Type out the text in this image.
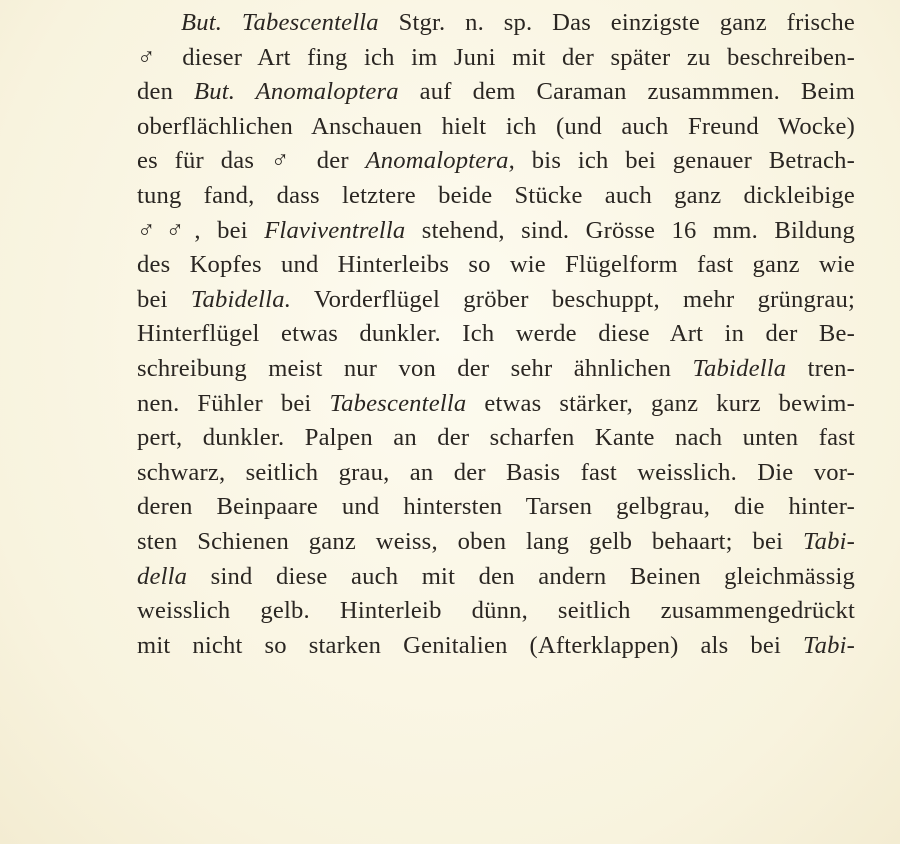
But. Tabescentella Stgr. n. sp. Das einzigste ganz frische
♂ dieser Art fing ich im Juni mit der später zu beschreiben-
den But. Anomaloptera auf dem Caraman zusammmen. Beim
oberflächlichen Anschauen hielt ich (und auch Freund Wocke)
es für das ♂ der Anomaloptera, bis ich bei genauer Betrach-
tung fand, dass letztere beide Stücke auch ganz dickleibige
♂♂, bei Flaviventrella stehend, sind. Grösse 16 mm. Bildung
des Kopfes und Hinterleibs so wie Flügelform fast ganz wie
bei Tabidella. Vorderflügel gröber beschuppt, mehr grüngrau;
Hinterflügel etwas dunkler. Ich werde diese Art in der Be-
schreibung meist nur von der sehr ähnlichen Tabidella tren-
nen. Fühler bei Tabescentella etwas stärker, ganz kurz bewim-
pert, dunkler. Palpen an der scharfen Kante nach unten fast
schwarz, seitlich grau, an der Basis fast weisslich. Die vor-
deren Beinpaare und hintersten Tarsen gelbgrau, die hinter-
sten Schienen ganz weiss, oben lang gelb behaart; bei Tabi-
della sind diese auch mit den andern Beinen gleichmässig
weisslich gelb. Hinterleib dünn, seitlich zusammengedrückt
mit nicht so starken Genitalien (Afterklappen) als bei Tabi-
